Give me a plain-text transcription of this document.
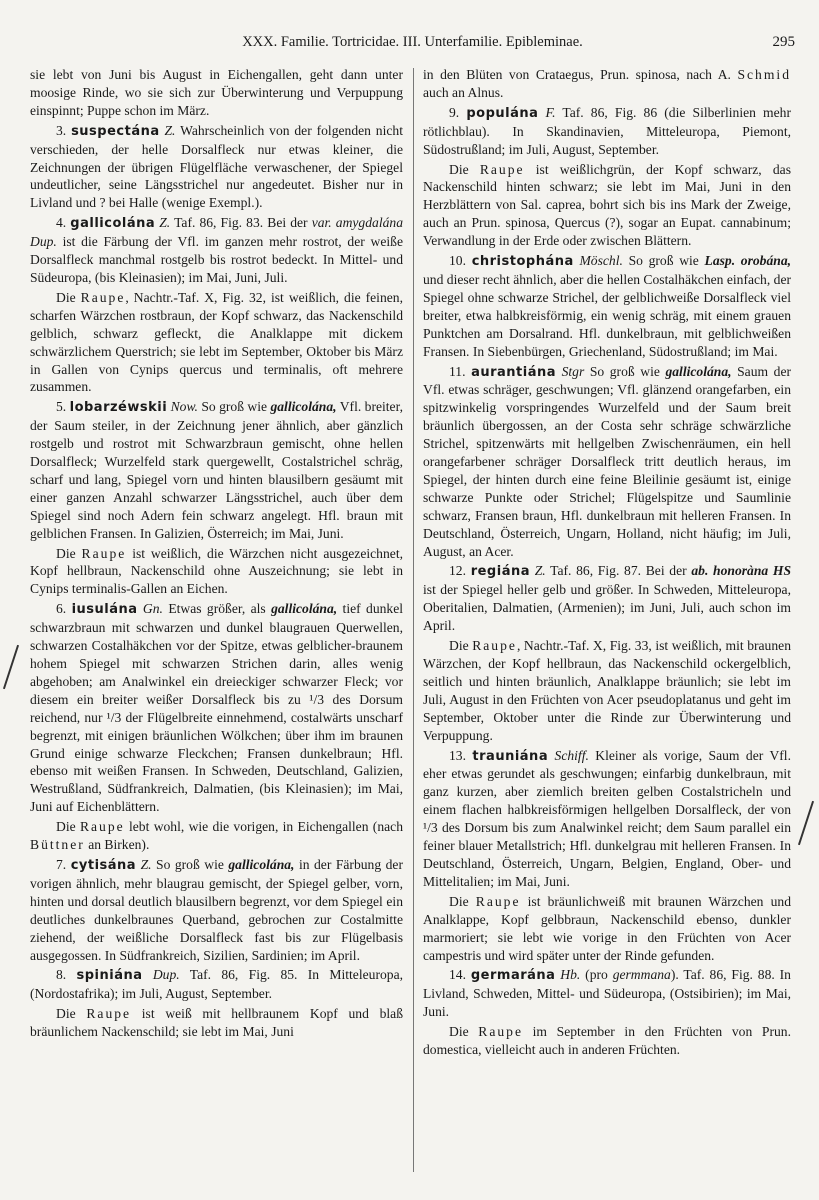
XXX. Familie. Tortricidae. III. Unterfamilie. Epibleminae.	295

sie lebt von Juni bis August in Eichengallen, geht dann unter moosige Rinde, wo sie sich zur Überwinterung und Verpuppung einspinnt; Puppe schon im März.

3. suspectána Z. Wahrscheinlich von der folgenden nicht verschieden, der helle Dorsalfleck nur etwas kleiner, die Zeichnungen der übrigen Flügelfläche verwaschener, der Spiegel undeutlicher, seine Längsstrichel nur angedeutet. Bisher nur in Livland und ? bei Halle (wenige Exempl.).

4. gallicolána Z. Taf. 86, Fig. 83. Bei der var. amygdalána Dup. ist die Färbung der Vfl. im ganzen mehr rostrot, der weiße Dorsalfleck manchmal rostgelb bis rostrot bedeckt. In Mittel- und Südeuropa, (bis Kleinasien); im Mai, Juni, Juli.

Die Raupe, Nachtr.-Taf. X, Fig. 32, ist weißlich, die feinen, scharfen Wärzchen rostbraun, der Kopf schwarz, das Nackenschild gelblich, schwarz gefleckt, die Analklappe mit dickem schwärzlichem Querstrich; sie lebt im September, Oktober bis März in Gallen von Cynips quercus und terminalis, oft mehrere zusammen.

5. lobarzéwskii Now. So groß wie gallicolána, Vfl. breiter, der Saum steiler, in der Zeichnung jener ähnlich, aber gänzlich rostgelb und rostrot mit Schwarzbraun gemischt, ohne hellen Dorsalfleck; Wurzelfeld stark quergewellt, Costalstrichel schräg, scharf und lang, Spiegel vorn und hinten blausilbern gesäumt mit einer ganzen Anzahl schwarzer Längsstrichel, auch über dem Spiegel sind noch Adern fein schwarz angelegt. Hfl. braun mit gelblichen Fransen. In Galizien, Österreich; im Mai, Juni.

Die Raupe ist weißlich, die Wärzchen nicht ausgezeichnet, Kopf hellbraun, Nackenschild ohne Auszeichnung; sie lebt in Cynips terminalis-Gallen an Eichen.

6. iusulána Gn. Etwas größer, als gallicolána, tief dunkel schwarzbraun mit schwarzen und dunkel blaugrauen Querwellen, schwarzen Costalhäkchen vor der Spitze, etwas gelblicher-braunem hohem Spiegel mit schwarzen Strichen darin, alles wenig abgehoben; am Analwinkel ein dreieckiger schwarzer Fleck; vor diesem ein breiter weißer Dorsalfleck bis zu ¹/3 des Dorsum reichend, nur ¹/3 der Flügelbreite einnehmend, costalwärts unscharf begrenzt, mit einigen bräunlichen Wölkchen; über ihm im braunen Grund einige schwarze Fleckchen; Fransen dunkelbraun; Hfl. ebenso mit weißen Fransen. In Schweden, Deutschland, Galizien, Westrußland, Südfrankreich, Dalmatien, (bis Kleinasien); im Mai, Juni auf Eichenblättern.

Die Raupe lebt wohl, wie die vorigen, in Eichengallen (nach Büttner an Birken).

7. cytisána Z. So groß wie gallicolána, in der Färbung der vorigen ähnlich, mehr blaugrau gemischt, der Spiegel gelber, vorn, hinten und dorsal deutlich blausilbern begrenzt, vor dem Spiegel ein deutliches dunkelbraunes Querband, gebrochen zur Costalmitte ziehend, der weißliche Dorsalfleck fast bis zur Flügelbasis ausgegossen. In Südfrankreich, Sizilien, Sardinien; im April.

8. spiniána Dup. Taf. 86, Fig. 85. In Mitteleuropa, (Nordostafrika); im Juli, August, September.

Die Raupe ist weiß mit hellbraunem Kopf und blaß bräunlichem Nackenschild; sie lebt im Mai, Juni

in den Blüten von Crataegus, Prun. spinosa, nach A. Schmid auch an Alnus.

9. populána F. Taf. 86, Fig. 86 (die Silberlinien mehr rötlichblau). In Skandinavien, Mitteleuropa, Piemont, Südostrußland; im Juli, August, September.

Die Raupe ist weißlichgrün, der Kopf schwarz, das Nackenschild hinten schwarz; sie lebt im Mai, Juni in den Herzblättern von Sal. caprea, bohrt sich bis ins Mark der Zweige, auch an Prun. spinosa, Quercus (?), sogar an Eupat. cannabinum; Verwandlung in der Erde oder zwischen Blättern.

10. christophána Möschl. So groß wie Lasp. orobána, und dieser recht ähnlich, aber die hellen Costalhäkchen einfach, der Spiegel ohne schwarze Strichel, der gelblichweiße Dorsalfleck viel breiter, etwa halbkreisförmig, ein wenig schräg, mit einem grauen Punktchen am Dorsalrand. Hfl. dunkelbraun, mit gelblichweißen Fransen. In Siebenbürgen, Griechenland, Südostrußland; im Mai.

11. aurantiána Stgr So groß wie gallicolána, Saum der Vfl. etwas schräger, geschwungen; Vfl. glänzend orangefarben, ein spitzwinkelig vorspringendes Wurzelfeld und der Saum breit bräunlich übergossen, an der Costa sehr schräge schwärzliche Strichel, spitzenwärts mit hellgelben Zwischenräumen, ein hell orangefarbener schräger Dorsalfleck tritt deutlich heraus, im Spiegel, der hinten durch eine feine Bleilinie gesäumt ist, einige schwarze Punkte oder Strichel; Flügelspitze und Saumlinie schwarz, Fransen braun, Hfl. dunkelbraun mit helleren Fransen. In Deutschland, Österreich, Ungarn, Holland, nicht häufig; im Juli, August, an Acer.

12. regiána Z. Taf. 86, Fig. 87. Bei der ab. honoràna HS ist der Spiegel heller gelb und größer. In Schweden, Mitteleuropa, Oberitalien, Dalmatien, (Armenien); im Juni, Juli, auch schon im April.

Die Raupe, Nachtr.-Taf. X, Fig. 33, ist weißlich, mit braunen Wärzchen, der Kopf hellbraun, das Nackenschild ockergelblich, seitlich und hinten bräunlich, Analklappe bräunlich; sie lebt im Juli, August in den Früchten von Acer pseudoplatanus und geht im September, Oktober unter die Rinde zur Überwinterung und Verpuppung.

13. trauniána Schiff. Kleiner als vorige, Saum der Vfl. eher etwas gerundet als geschwungen; einfarbig dunkelbraun, mit ganz kurzen, aber ziemlich breiten gelben Costalstricheln und einem flachen halbkreisförmigen hellgelben Dorsalfleck, der von ¹/3 des Dorsum bis zum Analwinkel reicht; dem Saum parallel ein feiner blauer Metallstrich; Hfl. dunkelgrau mit helleren Fransen. In Deutschland, Österreich, Ungarn, Belgien, England, Ober- und Mittelitalien; im Mai, Juni.

Die Raupe ist bräunlichweiß mit braunen Wärzchen und Analklappe, Kopf gelbbraun, Nackenschild ebenso, dunkler marmoriert; sie lebt wie vorige in den Früchten von Acer campestris und wird später unter der Rinde gefunden.

14. germarána Hb. (pro germmana). Taf. 86, Fig. 88. In Livland, Schweden, Mittel- und Südeuropa, (Ostsibirien); im Mai, Juni.

Die Raupe im September in den Früchten von Prun. domestica, vielleicht auch in anderen Früchten.
